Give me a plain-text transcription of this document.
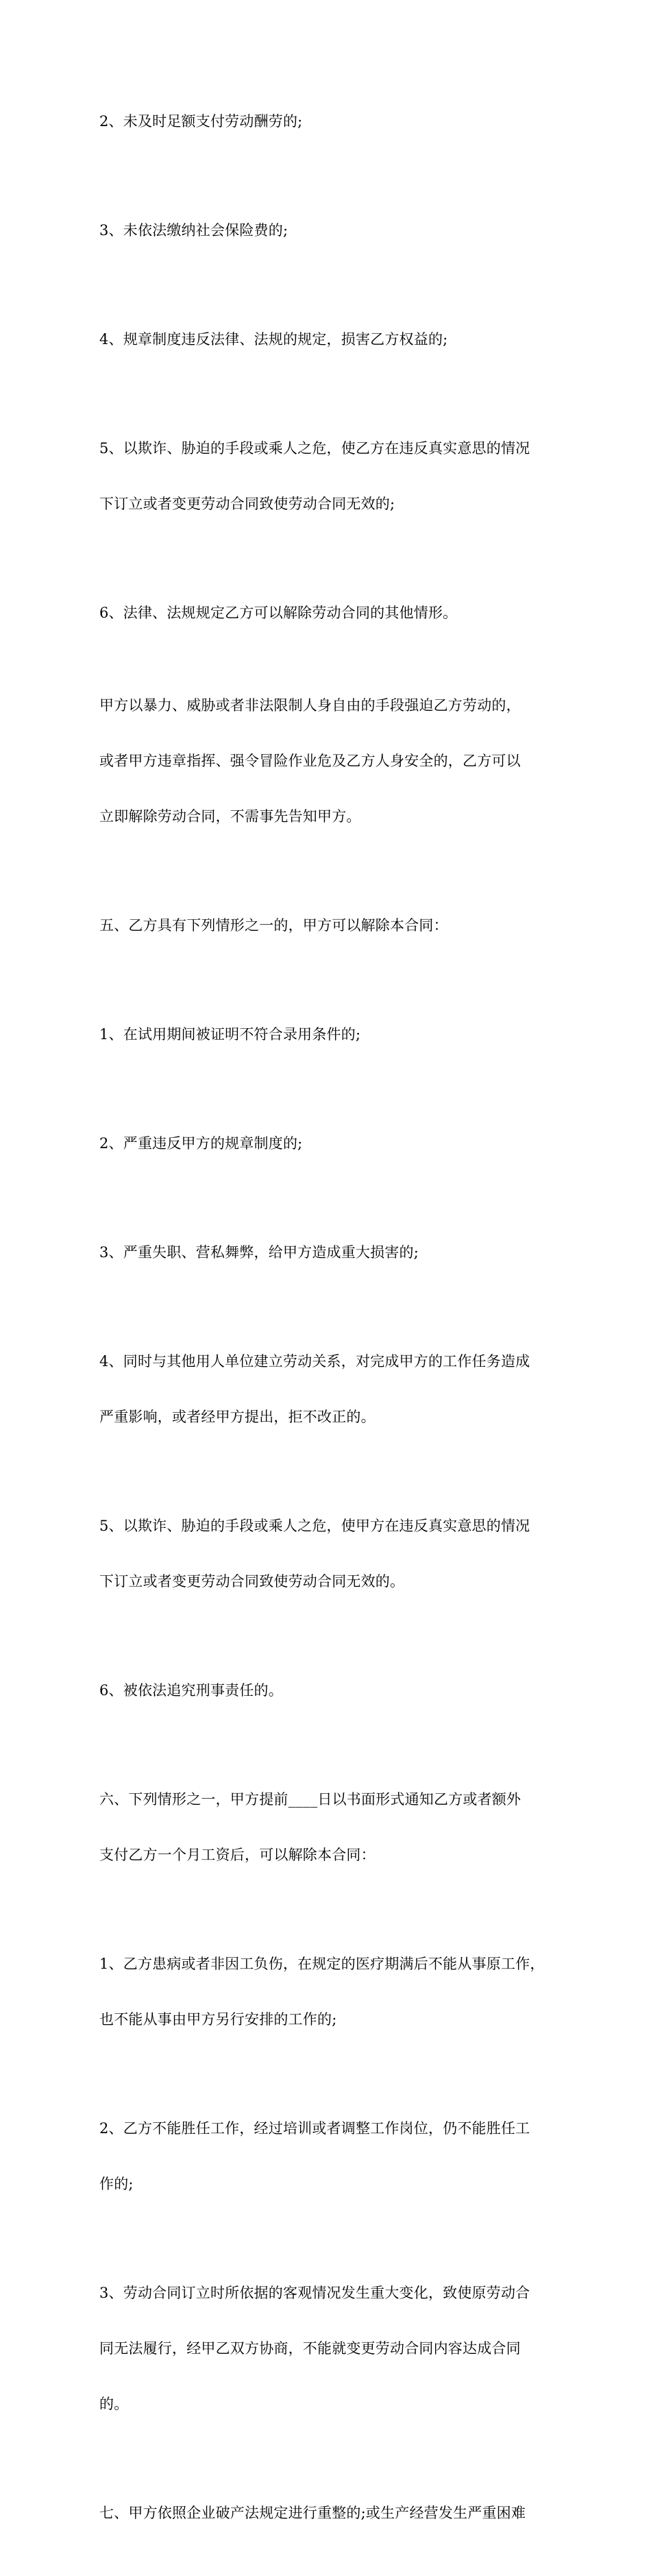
2、未及时足额支付劳动酬劳的;

3、未依法缴纳社会保险费的;

4、规章制度违反法律、法规的规定，损害乙方权益的;

5、以欺诈、胁迫的手段或乘人之危，使乙方在违反真实意思的情况

下订立或者变更劳动合同致使劳动合同无效的;

6、法律、法规规定乙方可以解除劳动合同的其他情形。

甲方以暴力、威胁或者非法限制人身自由的手段强迫乙方劳动的，

或者甲方违章指挥、强令冒险作业危及乙方人身安全的，乙方可以

立即解除劳动合同，不需事先告知甲方。

五、乙方具有下列情形之一的，甲方可以解除本合同：

1、在试用期间被证明不符合录用条件的;

2、严重违反甲方的规章制度的;

3、严重失职、营私舞弊，给甲方造成重大损害的;

4、同时与其他用人单位建立劳动关系，对完成甲方的工作任务造成

严重影响，或者经甲方提出，拒不改正的。

5、以欺诈、胁迫的手段或乘人之危，使甲方在违反真实意思的情况

下订立或者变更劳动合同致使劳动合同无效的。

6、被依法追究刑事责任的。

六、下列情形之一，甲方提前____日以书面形式通知乙方或者额外

支付乙方一个月工资后，可以解除本合同：

1、乙方患病或者非因工负伤，在规定的医疗期满后不能从事原工作，

也不能从事由甲方另行安排的工作的;

2、乙方不能胜任工作，经过培训或者调整工作岗位，仍不能胜任工

作的;

3、劳动合同订立时所依据的客观情况发生重大变化，致使原劳动合

同无法履行，经甲乙双方协商，不能就变更劳动合同内容达成合同

的。

七、甲方依照企业破产法规定进行重整的;或生产经营发生严重困难
